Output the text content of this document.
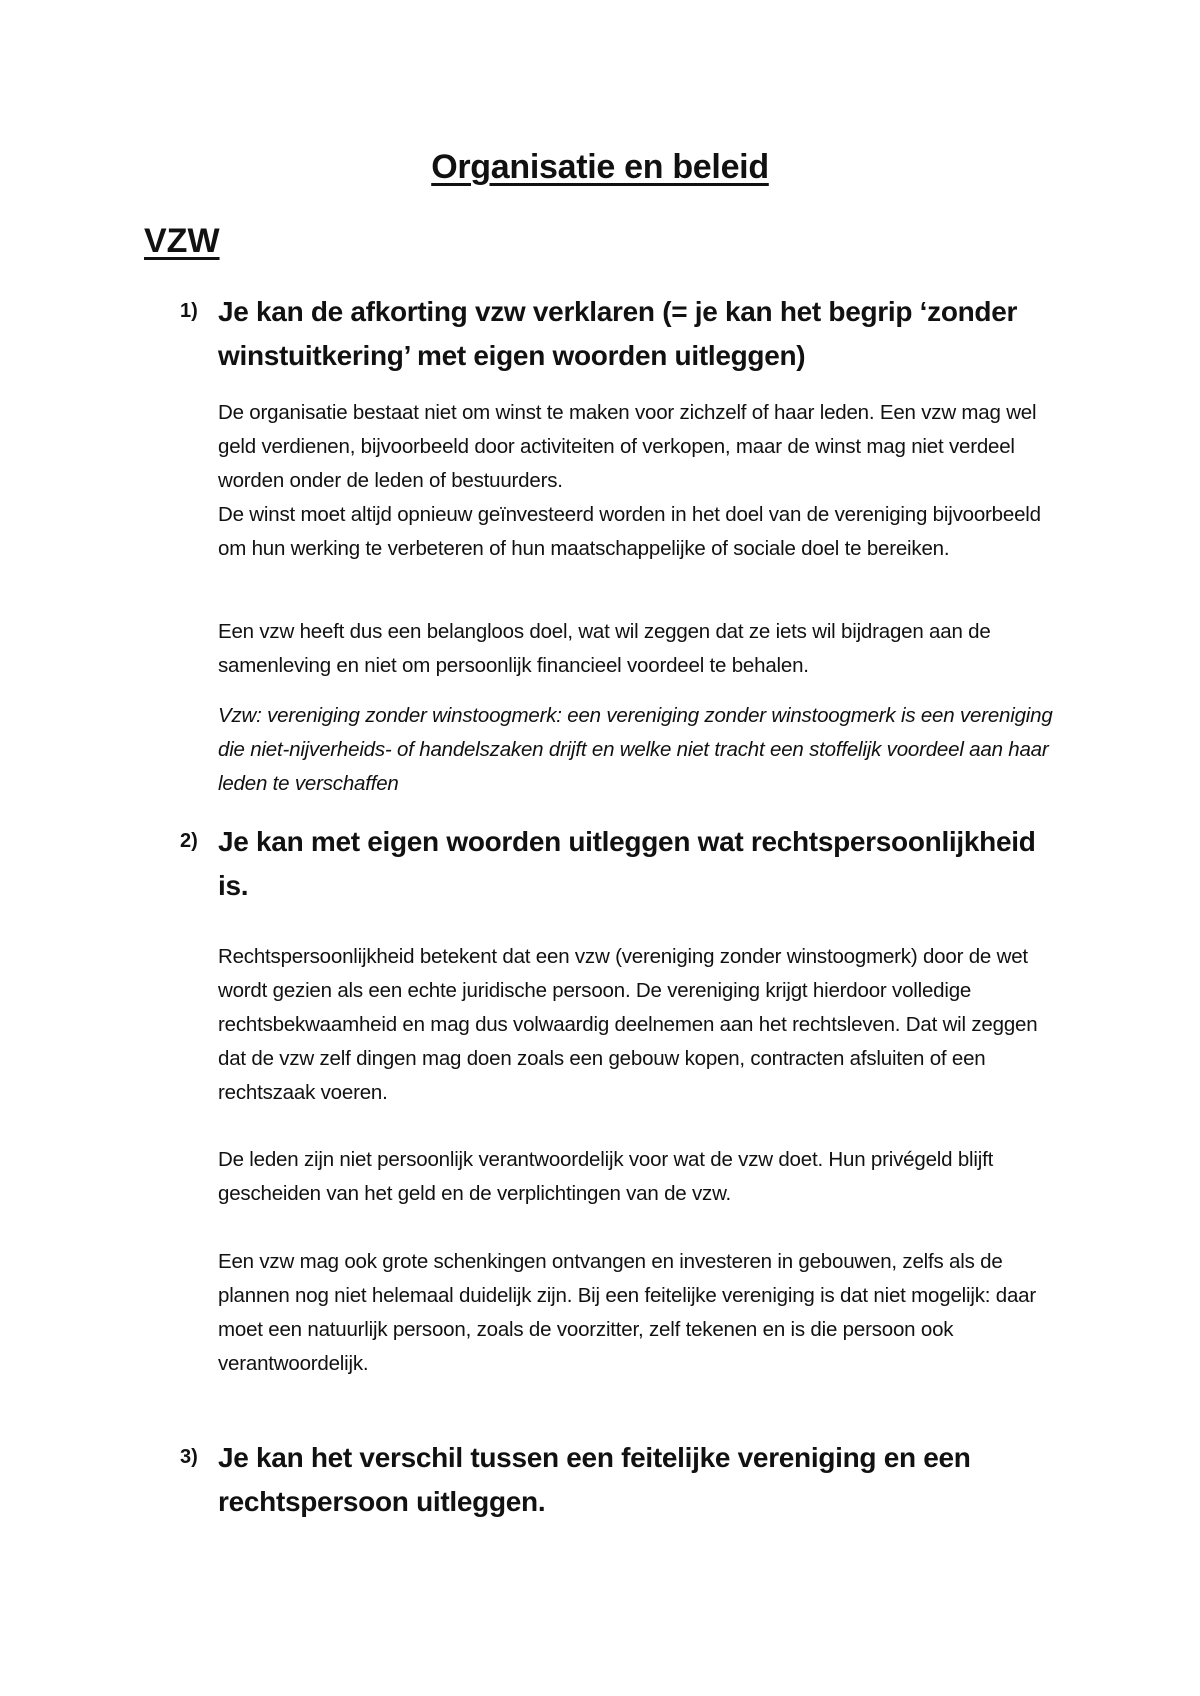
Organisatie en beleid
VZW
1) Je kan de afkorting vzw verklaren (= je kan het begrip ‘zonder winstuitkering’ met eigen woorden uitleggen)

De organisatie bestaat niet om winst te maken voor zichzelf of haar leden. Een vzw mag wel geld verdienen, bijvoorbeeld door activiteiten of verkopen, maar de winst mag niet verdeel worden onder de leden of bestuurders.

De winst moet altijd opnieuw geïnvesteerd worden in het doel van de vereniging bijvoorbeeld om hun werking te verbeteren of hun maatschappelijke of sociale doel te bereiken.

Een vzw heeft dus een belangloos doel, wat wil zeggen dat ze iets wil bijdragen aan de samenleving en niet om persoonlijk financieel voordeel te behalen.

Vzw: vereniging zonder winstoogmerk: een vereniging zonder winstoogmerk is een vereniging die niet-nijverheids- of handelszaken drijft en welke niet tracht een stoffelijk voordeel aan haar leden te verschaffen
2) Je kan met eigen woorden uitleggen wat rechtspersoonlijkheid is.
Rechtspersoonlijkheid betekent dat een vzw (vereniging zonder winstoogmerk) door de wet wordt gezien als een echte juridische persoon. De vereniging krijgt hierdoor volledige rechtsbekwaamheid en mag dus volwaardig deelnemen aan het rechtsleven. Dat wil zeggen dat de vzw zelf dingen mag doen zoals een gebouw kopen, contracten afsluiten of een rechtszaak voeren.
De leden zijn niet persoonlijk verantwoordelijk voor wat de vzw doet. Hun privégeld blijft gescheiden van het geld en de verplichtingen van de vzw.
Een vzw mag ook grote schenkingen ontvangen en investeren in gebouwen, zelfs als de plannen nog niet helemaal duidelijk zijn. Bij een feitelijke vereniging is dat niet mogelijk: daar moet een natuurlijk persoon, zoals de voorzitter, zelf tekenen en is die persoon ook verantwoordelijk.
3) Je kan het verschil tussen een feitelijke vereniging en een rechtspersoon uitleggen.
